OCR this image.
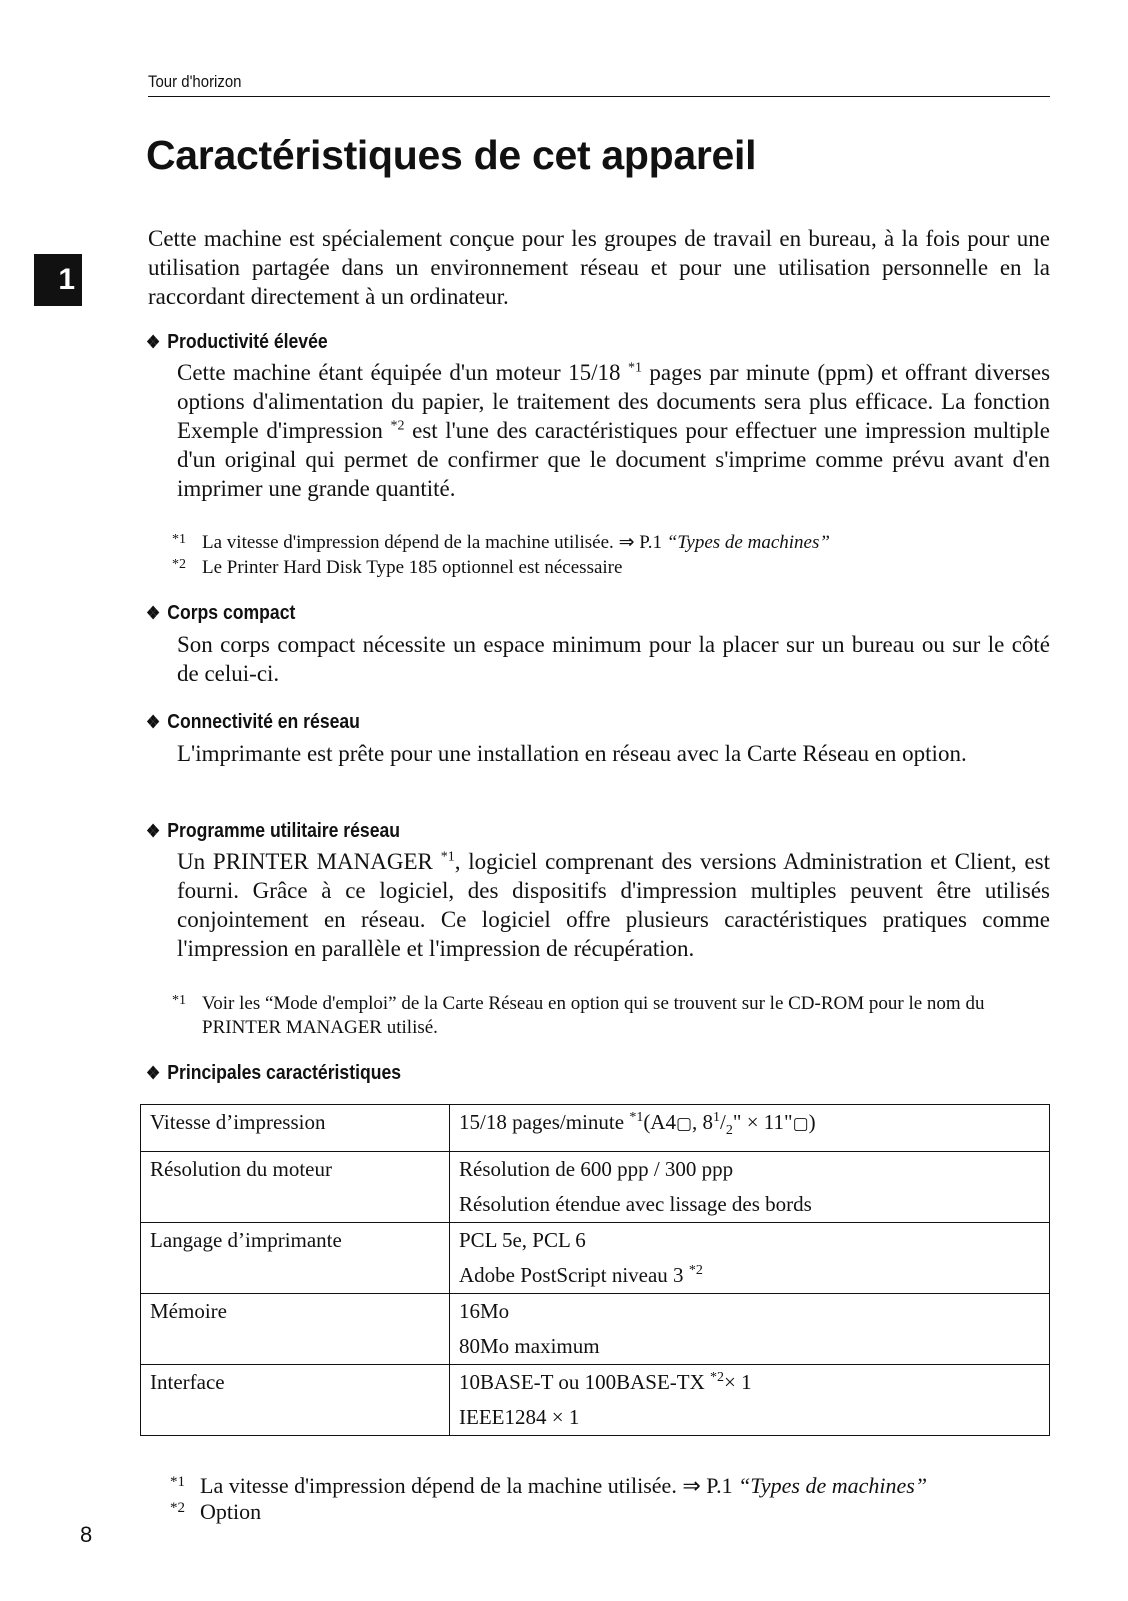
Tour d'horizon
Caractéristiques de cet appareil
1
Cette machine est spécialement conçue pour les groupes de travail en bureau, à la fois pour une utilisation partagée dans un environnement réseau et pour une utilisation personnelle en la raccordant directement à un ordinateur.
❖ Productivité élevée
Cette machine étant équipée d'un moteur 15/18 $^{*1}$ pages par minute (ppm) et offrant diverses options d'alimentation du papier, le traitement des documents sera plus efficace. La fonction Exemple d'impression $^{*2}$ est l'une des caractéristiques pour effectuer une impression multiple d'un original qui permet de confirmer que le document s'imprime comme prévu avant d'en imprimer une grande quantité.
*1 La vitesse d'impression dépend de la machine utilisée. ⇒ P.1 “Types de machines”
*2 Le Printer Hard Disk Type 185 optionnel est nécessaire
❖ Corps compact
Son corps compact nécessite un espace minimum pour la placer sur un bureau ou sur le côté de celui-ci.
❖ Connectivité en réseau
L'imprimante est prête pour une installation en réseau avec la Carte Réseau en option.
❖ Programme utilitaire réseau
Un PRINTER MANAGER $^{*1}$, logiciel comprenant des versions Administration et Client, est fourni. Grâce à ce logiciel, des dispositifs d'impression multiples peuvent être utilisés conjointement en réseau. Ce logiciel offre plusieurs caractéristiques pratiques comme l'impression en parallèle et l'impression de récupération.
*1 Voir les “Mode d'emploi” de la Carte Réseau en option qui se trouvent sur le CD-ROM pour le nom du PRINTER MANAGER utilisé.
❖ Principales caractéristiques
Vitesse d’impression	15/18 pages/minute $^{*1}$(A4▢, $8^1/_2$" × 11"▢)

Résolution du moteur	Résolution de 600 ppp / 300 ppp
Résolution étendue avec lissage des bords

Langage d’imprimante	PCL 5e, PCL 6
Adobe PostScript niveau 3 $^{*2}$

Mémoire	16Mo
80Mo maximum

Interface	10BASE-T ou 100BASE-TX $^{*2}$× 1
IEEE1284 × 1
*1 La vitesse d'impression dépend de la machine utilisée. ⇒ P.1 “Types de machines”
*2 Option
8
